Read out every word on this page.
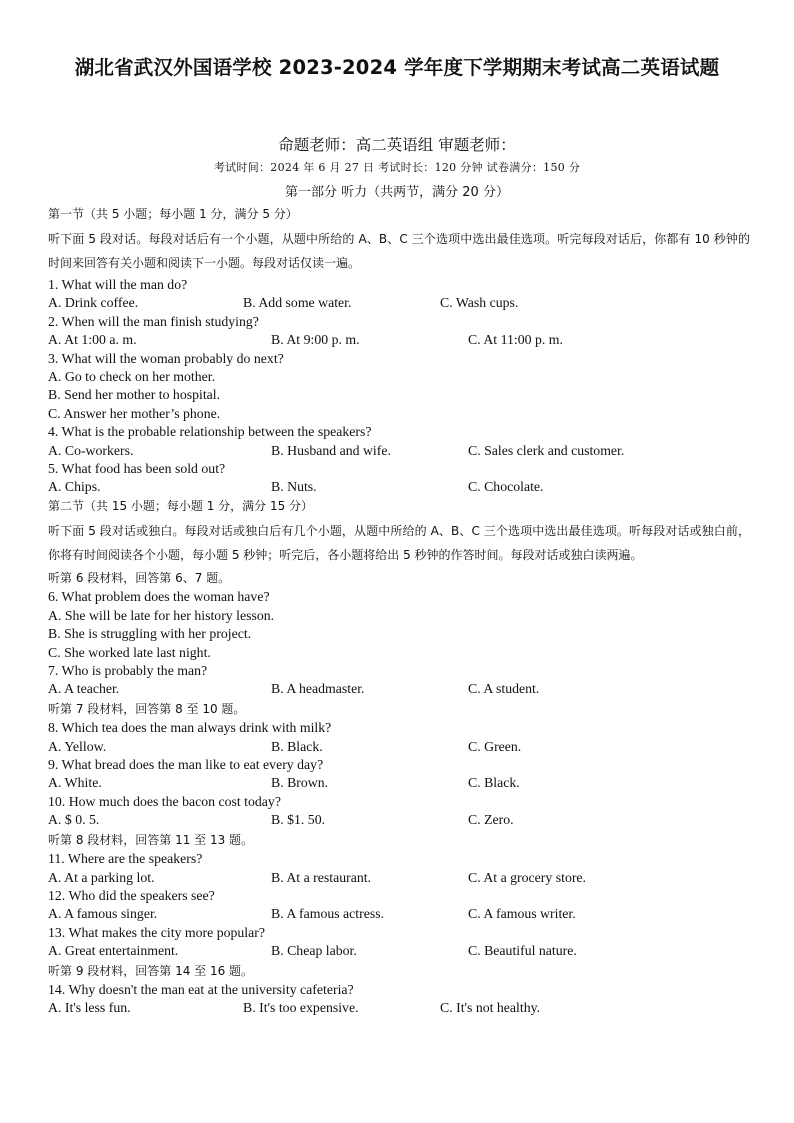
湖北省武汉外国语学校 2023-2024 学年度下学期期末考试高二英语试题
命题老师：高二英语组 审题老师：
考试时间：2024 年 6 月 27 日 考试时长：120 分钟 试卷满分：150 分
第一部分 听力（共两节，满分 20 分）
第一节（共 5 小题；每小题 1 分，满分 5 分）
听下面 5 段对话。每段对话后有一个小题，从题中所给的 A、B、C 三个选项中选出最佳选项。听完每段对话后，你都有 10 秒钟的时间来回答有关小题和阅读下一小题。每段对话仅读一遍。
1. What will the man do?
A. Drink coffee.	B. Add some water.	C. Wash cups.
2. When will the man finish studying?
A. At 1:00 a. m.	B. At 9:00 p. m.	C. At 11:00 p. m.
3. What will the woman probably do next?
A. Go to check on her mother.
B. Send her mother to hospital.
C. Answer her mother’s phone.
4. What is the probable relationship between the speakers?
A. Co-workers.	B. Husband and wife.	C. Sales clerk and customer.
5. What food has been sold out?
A. Chips.	B. Nuts.	C. Chocolate.
第二节（共 15 小题；每小题 1 分，满分 15 分）
听下面 5 段对话或独白。每段对话或独白后有几个小题，从题中所给的 A、B、C 三个选项中选出最佳选项。听每段对话或独白前，你将有时间阅读各个小题，每小题 5 秒钟；听完后，各小题将给出 5 秒钟的作答时间。每段对话或独白读两遍。
听第 6 段材料，回答第 6、7 题。
6. What problem does the woman have?
A. She will be late for her history lesson.
B. She is struggling with her project.
C. She worked late last night.
7. Who is probably the man?
A. A teacher.	B. A headmaster.	C. A student.
听第 7 段材料，回答第 8 至 10 题。
8. Which tea does the man always drink with milk?
A. Yellow.	B. Black.	C. Green.
9. What bread does the man like to eat every day?
A. White.	B. Brown.	C. Black.
10. How much does the bacon cost today?
A. $ 0. 5.	B. $1. 50.	C. Zero.
听第 8 段材料，回答第 11 至 13 题。
11. Where are the speakers?
A. At a parking lot.	B. At a restaurant.	C. At a grocery store.
12. Who did the speakers see?
A. A famous singer.	B. A famous actress.	C. A famous writer.
13. What makes the city more popular?
A. Great entertainment.	B. Cheap labor.	C. Beautiful nature.
听第 9 段材料，回答第 14 至 16 题。
14. Why doesn't the man eat at the university cafeteria?
A. It's less fun.	B. It's too expensive.	C. It's not healthy.
